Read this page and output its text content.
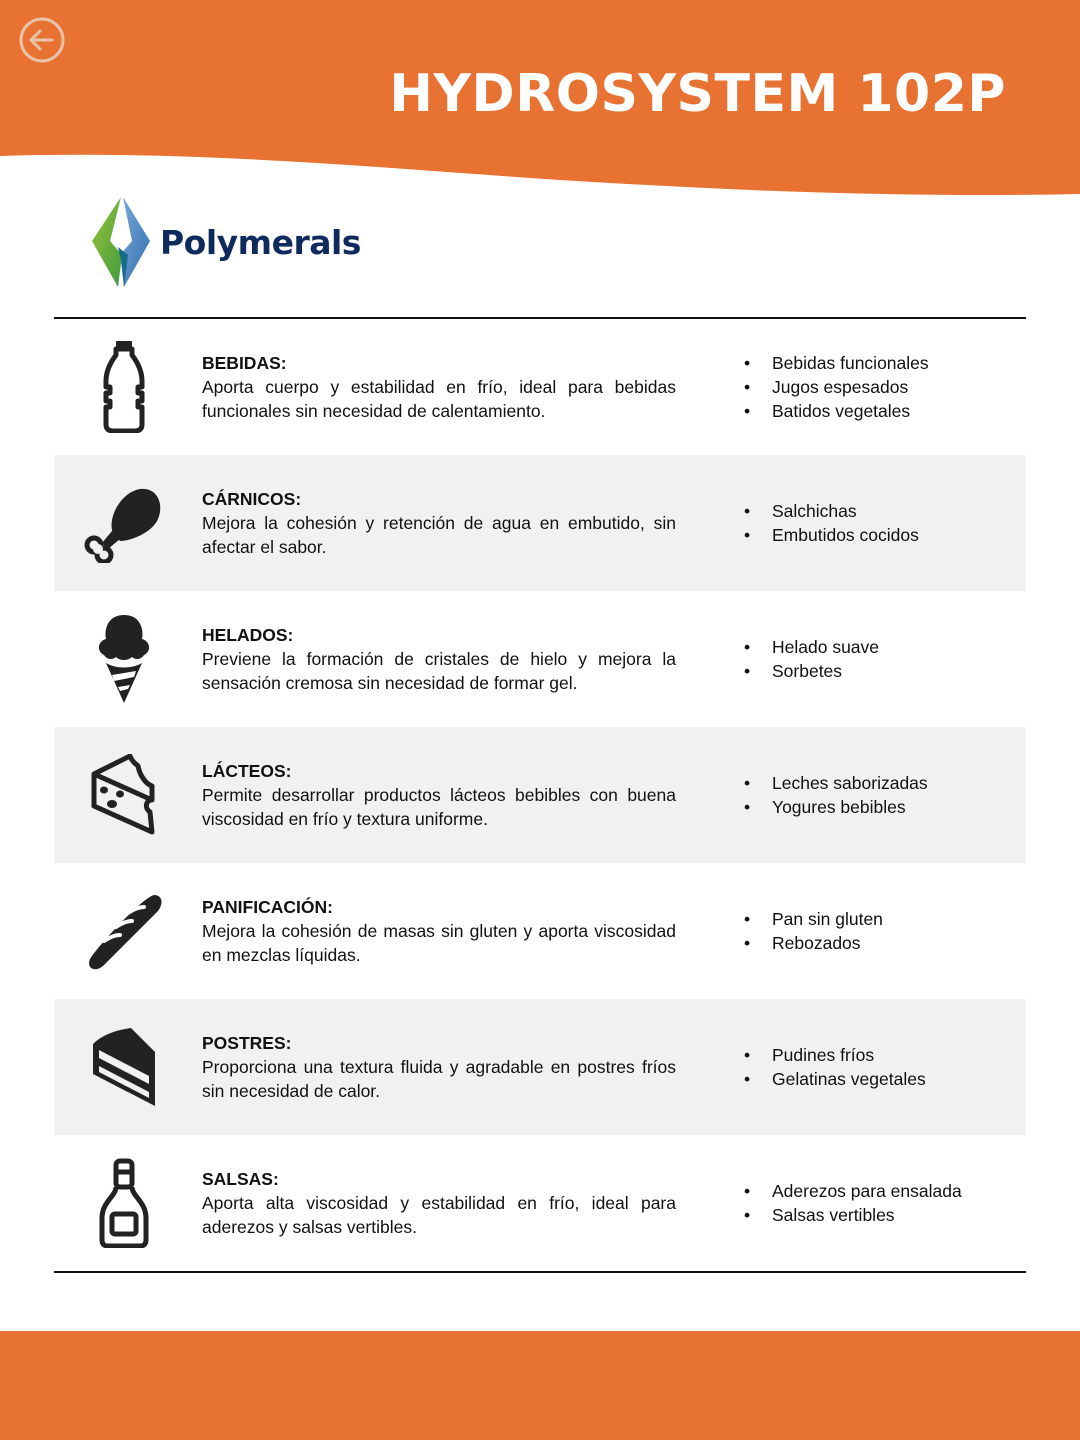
HYDROSYSTEM 102P
Polymerals
BEBIDAS:
Aporta cuerpo y estabilidad en frío, ideal para bebidas funcionales sin necesidad de calentamiento.
• Bebidas funcionales
• Jugos espesados
• Batidos vegetales
CÁRNICOS:
Mejora la cohesión y retención de agua en embutido, sin afectar el sabor.
• Salchichas
• Embutidos cocidos
HELADOS:
Previene la formación de cristales de hielo y mejora la sensación cremosa sin necesidad de formar gel.
• Helado suave
• Sorbetes
LÁCTEOS:
Permite desarrollar productos lácteos bebibles con buena viscosidad en frío y textura uniforme.
• Leches saborizadas
• Yogures bebibles
PANIFICACIÓN:
Mejora la cohesión de masas sin gluten y aporta viscosidad en mezclas líquidas.
• Pan sin gluten
• Rebozados
POSTRES:
Proporciona una textura fluida y agradable en postres fríos sin necesidad de calor.
• Pudines fríos
• Gelatinas vegetales
SALSAS:
Aporta alta viscosidad y estabilidad en frío, ideal para aderezos y salsas vertibles.
• Aderezos para ensalada
• Salsas vertibles
